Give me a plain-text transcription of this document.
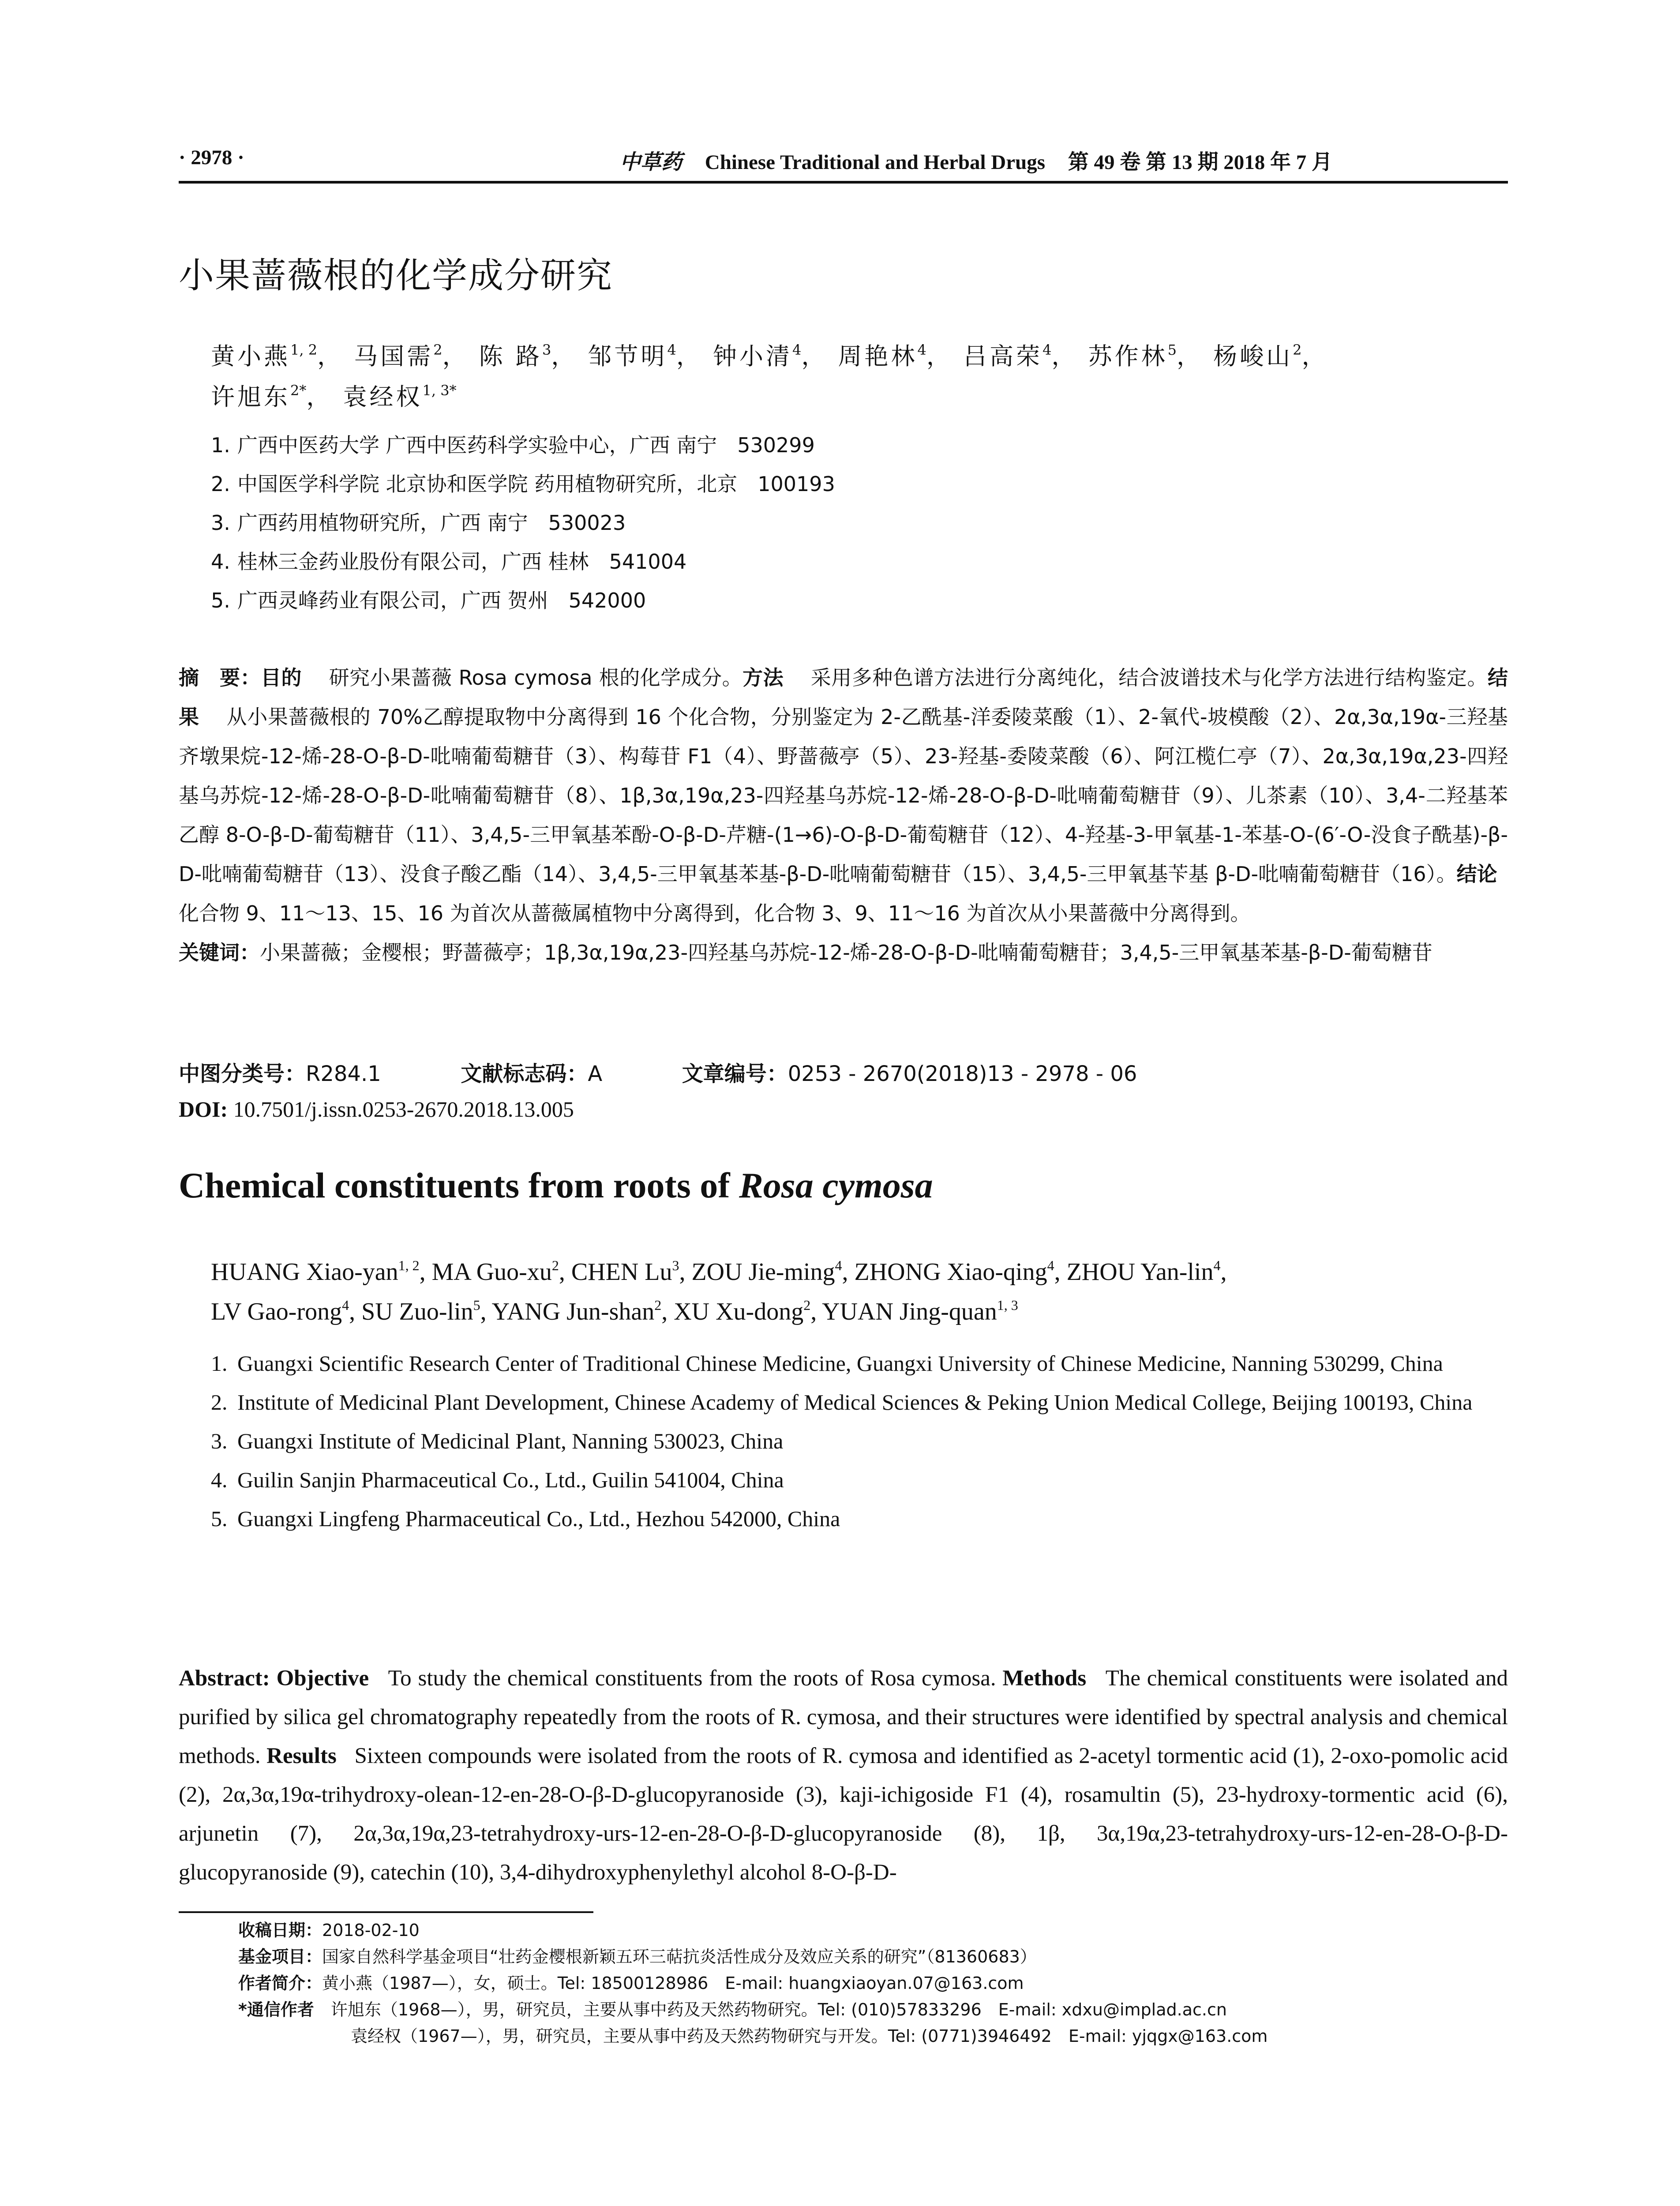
· 2978 ·	中草药 Chinese Traditional and Herbal Drugs 第 49 卷 第 13 期 2018 年 7 月
小果蔷薇根的化学成分研究
黄小燕$^{1, 2}$， 马国需$^2$， 陈 路$^3$， 邹节明$^4$， 钟小清$^4$， 周艳林$^4$， 吕高荣$^4$， 苏作林$^5$， 杨峻山$^2$，
许旭东$^{2*}$， 袁经权$^{1, 3*}$
1. 广西中医药大学 广西中医药科学实验中心，广西 南宁　530299
2. 中国医学科学院 北京协和医学院 药用植物研究所，北京　100193
3. 广西药用植物研究所，广西 南宁　530023
4. 桂林三金药业股份有限公司，广西 桂林　541004
5. 广西灵峰药业有限公司，广西 贺州　542000
摘　要：目的　 研究小果蔷薇 Rosa cymosa 根的化学成分。方法　 采用多种色谱方法进行分离纯化，结合波谱技术与化学方法进行结构鉴定。结果　 从小果蔷薇根的 70%乙醇提取物中分离得到 16 个化合物，分别鉴定为 2-乙酰基-洋委陵菜酸（1）、2-氧代-坡模酸（2）、2α,3α,19α-三羟基齐墩果烷-12-烯-28-O-β-D-吡喃葡萄糖苷（3）、构莓苷 F1（4）、野蔷薇亭（5）、23-羟基-委陵菜酸（6）、阿江榄仁亭（7）、2α,3α,19α,23-四羟基乌苏烷-12-烯-28-O-β-D-吡喃葡萄糖苷（8）、1β,3α,19α,23-四羟基乌苏烷-12-烯-28-O-β-D-吡喃葡萄糖苷（9）、儿茶素（10）、3,4-二羟基苯乙醇 8-O-β-D-葡萄糖苷（11）、3,4,5-三甲氧基苯酚-O-β-D-芹糖-(1→6)-O-β-D-葡萄糖苷（12）、4-羟基-3-甲氧基-1-苯基-O-(6′-O-没食子酰基)-β-D-吡喃葡萄糖苷（13）、没食子酸乙酯（14）、3,4,5-三甲氧基苯基-β-D-吡喃葡萄糖苷（15）、3,4,5-三甲氧基苄基 β-D-吡喃葡萄糖苷（16）。结论　 化合物 9、11～13、15、16 为首次从蔷薇属植物中分离得到，化合物 3、9、11～16 为首次从小果蔷薇中分离得到。
关键词：小果蔷薇；金樱根；野蔷薇亭；1β,3α,19α,23-四羟基乌苏烷-12-烯-28-O-β-D-吡喃葡萄糖苷；3,4,5-三甲氧基苯基-β-D-葡萄糖苷
中图分类号：R284.1	文献标志码：A	文章编号：0253 - 2670(2018)13 - 2978 - 06
DOI: 10.7501/j.issn.0253-2670.2018.13.005
Chemical constituents from roots of Rosa cymosa
HUANG Xiao-yan$^{1, 2}$, MA Guo-$xu^2$, CHEN Lu$^3$, ZOU Jie-ming$^4$, ZHONG Xiao-qing$^4$, ZHOU Yan-lin$^4$,
LV Gao-rong$^4$, SU Zuo-lin$^5$, YANG Jun-shan$^2$, XU Xu-dong$^2$, YUAN Jing-quan$^{1, 3}$
1. Guangxi Scientific Research Center of Traditional Chinese Medicine, Guangxi University of Chinese Medicine, Nanning 530299, China
2. Institute of Medicinal Plant Development, Chinese Academy of Medical Sciences & Peking Union Medical College, Beijing 100193, China
3. Guangxi Institute of Medicinal Plant, Nanning 530023, China
4. Guilin Sanjin Pharmaceutical Co., Ltd., Guilin 541004, China
5. Guangxi Lingfeng Pharmaceutical Co., Ltd., Hezhou 542000, China
Abstract: Objective To study the chemical constituents from the roots of Rosa cymosa. Methods The chemical constituents were isolated and purified by silica gel chromatography repeatedly from the roots of R. cymosa, and their structures were identified by spectral analysis and chemical methods. Results Sixteen compounds were isolated from the roots of R. cymosa and identified as 2-acetyl tormentic acid (1), 2-oxo-pomolic acid (2), 2α,3α,19α-trihydroxy-olean-12-en-28-O-β-D-glucopyranoside (3), kaji-ichigoside F1 (4), rosamultin (5), 23-hydroxy-tormentic acid (6), arjunetin (7), 2α,3α,19α,23-tetrahydroxy-urs-12-en-28-O-β-D-glucopyranoside (8), 1β, 3α,19α,23-tetrahydroxy-urs-12-en-28-O-β-D-glucopyranoside (9), catechin (10), 3,4-dihydroxyphenylethyl alcohol 8-O-β-D-
收稿日期：2018-02-10
基金项目：国家自然科学基金项目“壮药金樱根新颖五环三萜抗炎活性成分及效应关系的研究”（81360683）
作者简介：黄小燕（1987—），女，硕士。Tel: 18500128986　E-mail: huangxiaoyan.07@163.com
*通信作者　 许旭东（1968—），男，研究员，主要从事中药及天然药物研究。Tel: (010)57833296　E-mail: xdxu@implad.ac.cn
袁经权（1967—），男，研究员，主要从事中药及天然药物研究与开发。Tel: (0771)3946492　E-mail: yjqgx@163.com
